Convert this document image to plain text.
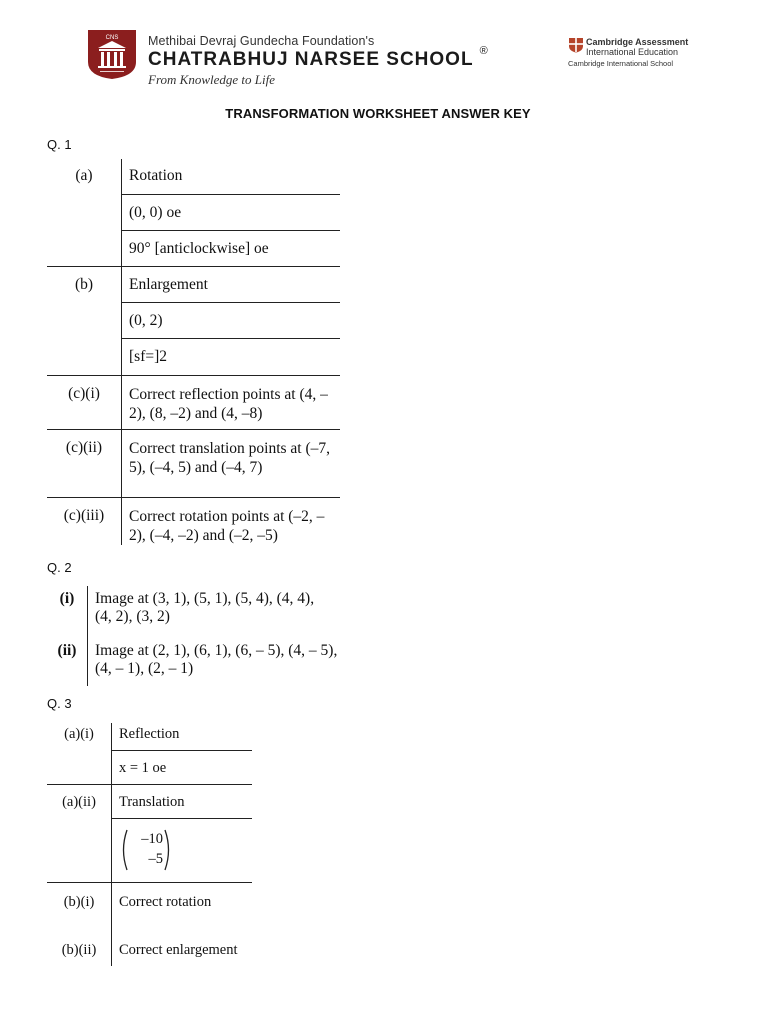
CNS Methibai Devraj Gundecha Foundation's
CHATRABHUJ NARSEE SCHOOL ®
From Knowledge to Life
Cambridge Assessment
International Education
Cambridge International School
TRANSFORMATION WORKSHEET ANSWER KEY
Q. 1
(a)	Rotation
	(0, 0) oe
	90° [anticlockwise] oe
(b)	Enlargement
	(0, 2)
	[sf=]2
(c)(i)	Correct reflection points at (4, –2), (8, –2) and (4, –8)
(c)(ii)	Correct translation points at (–7, 5), (–4, 5) and (–4, 7)
(c)(iii)	Correct rotation points at (–2, –2), (–4, –2) and (–2, –5)
Q. 2
(i)	Image at (3, 1), (5, 1), (5, 4), (4, 4),
(4, 2), (3, 2)

(ii)	Image at (2, 1), (6, 1), (6, – 5), (4, – 5),
(4, – 1), (2, – 1)
Q. 3
(a)(i)	Reflection
	x = 1 oe
(a)(ii)	Translation

	–10
–5

(b)(i)	Correct rotation
(b)(ii)	Correct enlargement
